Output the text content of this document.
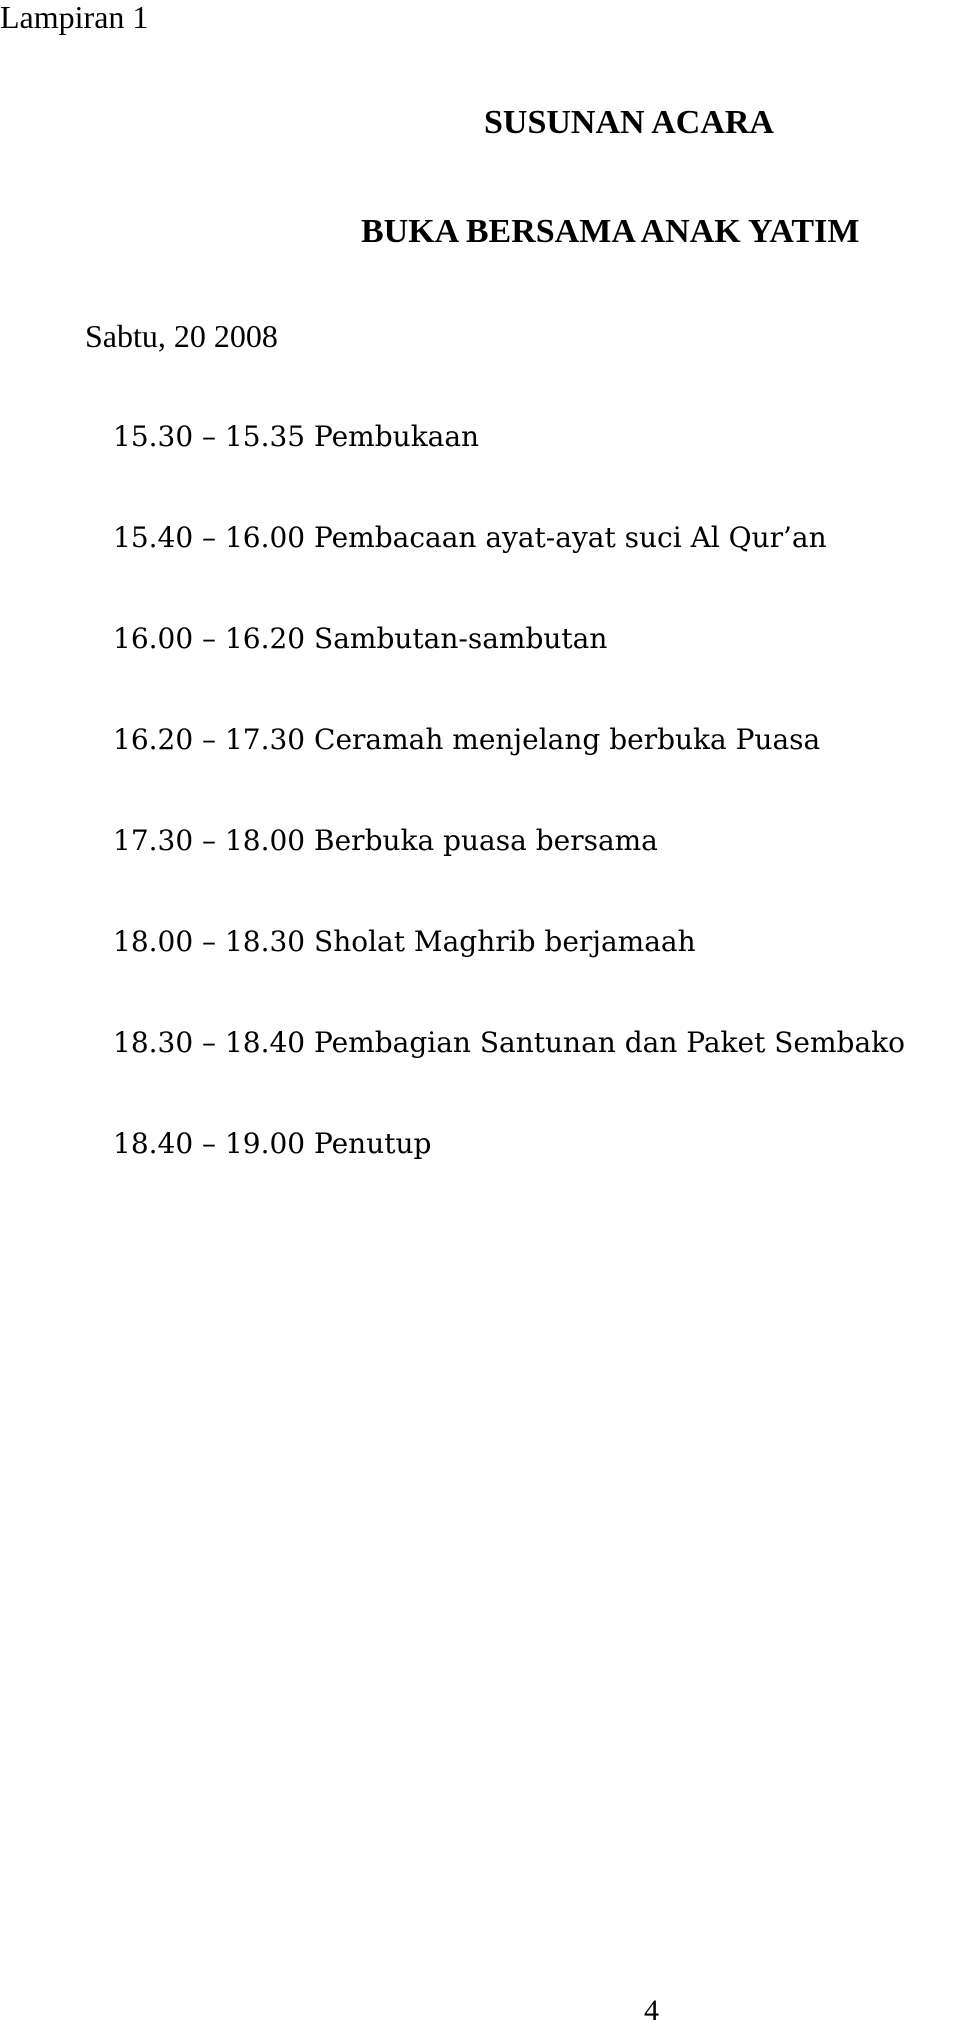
Lampiran 1

SUSUNAN ACARA
BUKA BERSAMA ANAK YATIM
Sabtu, 20 2008
15.30 – 15.35 Pembukaan
15.40 – 16.00 Pembacaan ayat-ayat suci Al Qur’an
16.00 – 16.20 Sambutan-sambutan
16.20 – 17.30 Ceramah menjelang berbuka Puasa
17.30 – 18.00 Berbuka puasa bersama
18.00 – 18.30 Sholat Maghrib berjamaah
18.30 – 18.40 Pembagian Santunan dan Paket Sembako
18.40 – 19.00 Penutup
4
